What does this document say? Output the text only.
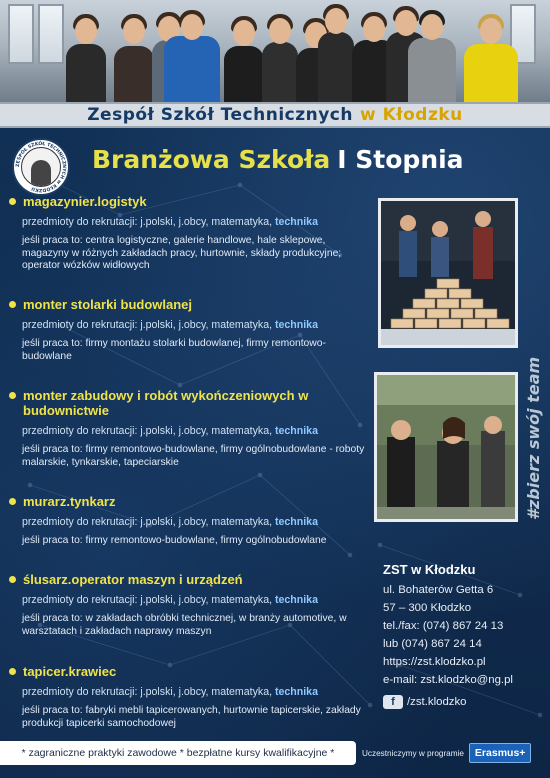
Zespół Szkół Technicznych w Kłodzku
ZESPÓŁ SZKÓŁ TECHNICZNYCH w KŁODZKU
Branżowa Szkoła I Stopnia
magazynier.logistyk
przedmioty do rekrutacji: j.polski, j.obcy, matematyka, technika
jeśli praca to: centra logistyczne, galerie handlowe, hale sklepowe, magazyny w różnych zakładach pracy, hurtownie, składy produkcyjne; operator wózków widłowych
monter stolarki budowlanej
przedmioty do rekrutacji: j.polski, j.obcy, matematyka, technika
jeśli praca to: firmy montażu stolarki budowlanej, firmy remontowo-budowlane
monter zabudowy i robót wykończeniowych w budownictwie
przedmioty do rekrutacji: j.polski, j.obcy, matematyka, technika
jeśli praca to: firmy remontowo-budowlane, firmy ogólnobudowlane - roboty malarskie, tynkarskie, tapeciarskie
murarz.tynkarz
przedmioty do rekrutacji: j.polski, j.obcy, matematyka, technika
jeśli praca to: firmy remontowo-budowlane, firmy ogólnobudowlane
ślusarz.operator maszyn i urządzeń
przedmioty do rekrutacji: j.polski, j.obcy, matematyka, technika
jeśli praca to: w zakładach obróbki technicznej, w branży automotive, w warsztatach i zakładach naprawy maszyn
tapicer.krawiec
przedmioty do rekrutacji: j.polski, j.obcy, matematyka, technika
jeśli praca to: fabryki mebli tapicerowanych, hurtownie tapicerskie, zakłady produkcji tapicerki samochodowej
#zbierz swój team
ZST w Kłodzku
ul. Bohaterów Getta 6
57 – 300 Kłodzko
tel./fax: (074) 867 24 13
lub (074) 867 24 14
https://zst.klodzko.pl
e-mail: zst.klodzko@ng.pl
f	/zst.klodzko
* zagraniczne praktyki zawodowe * bezpłatne kursy kwalifikacyjne *	Uczestniczymy w programie	Erasmus+
